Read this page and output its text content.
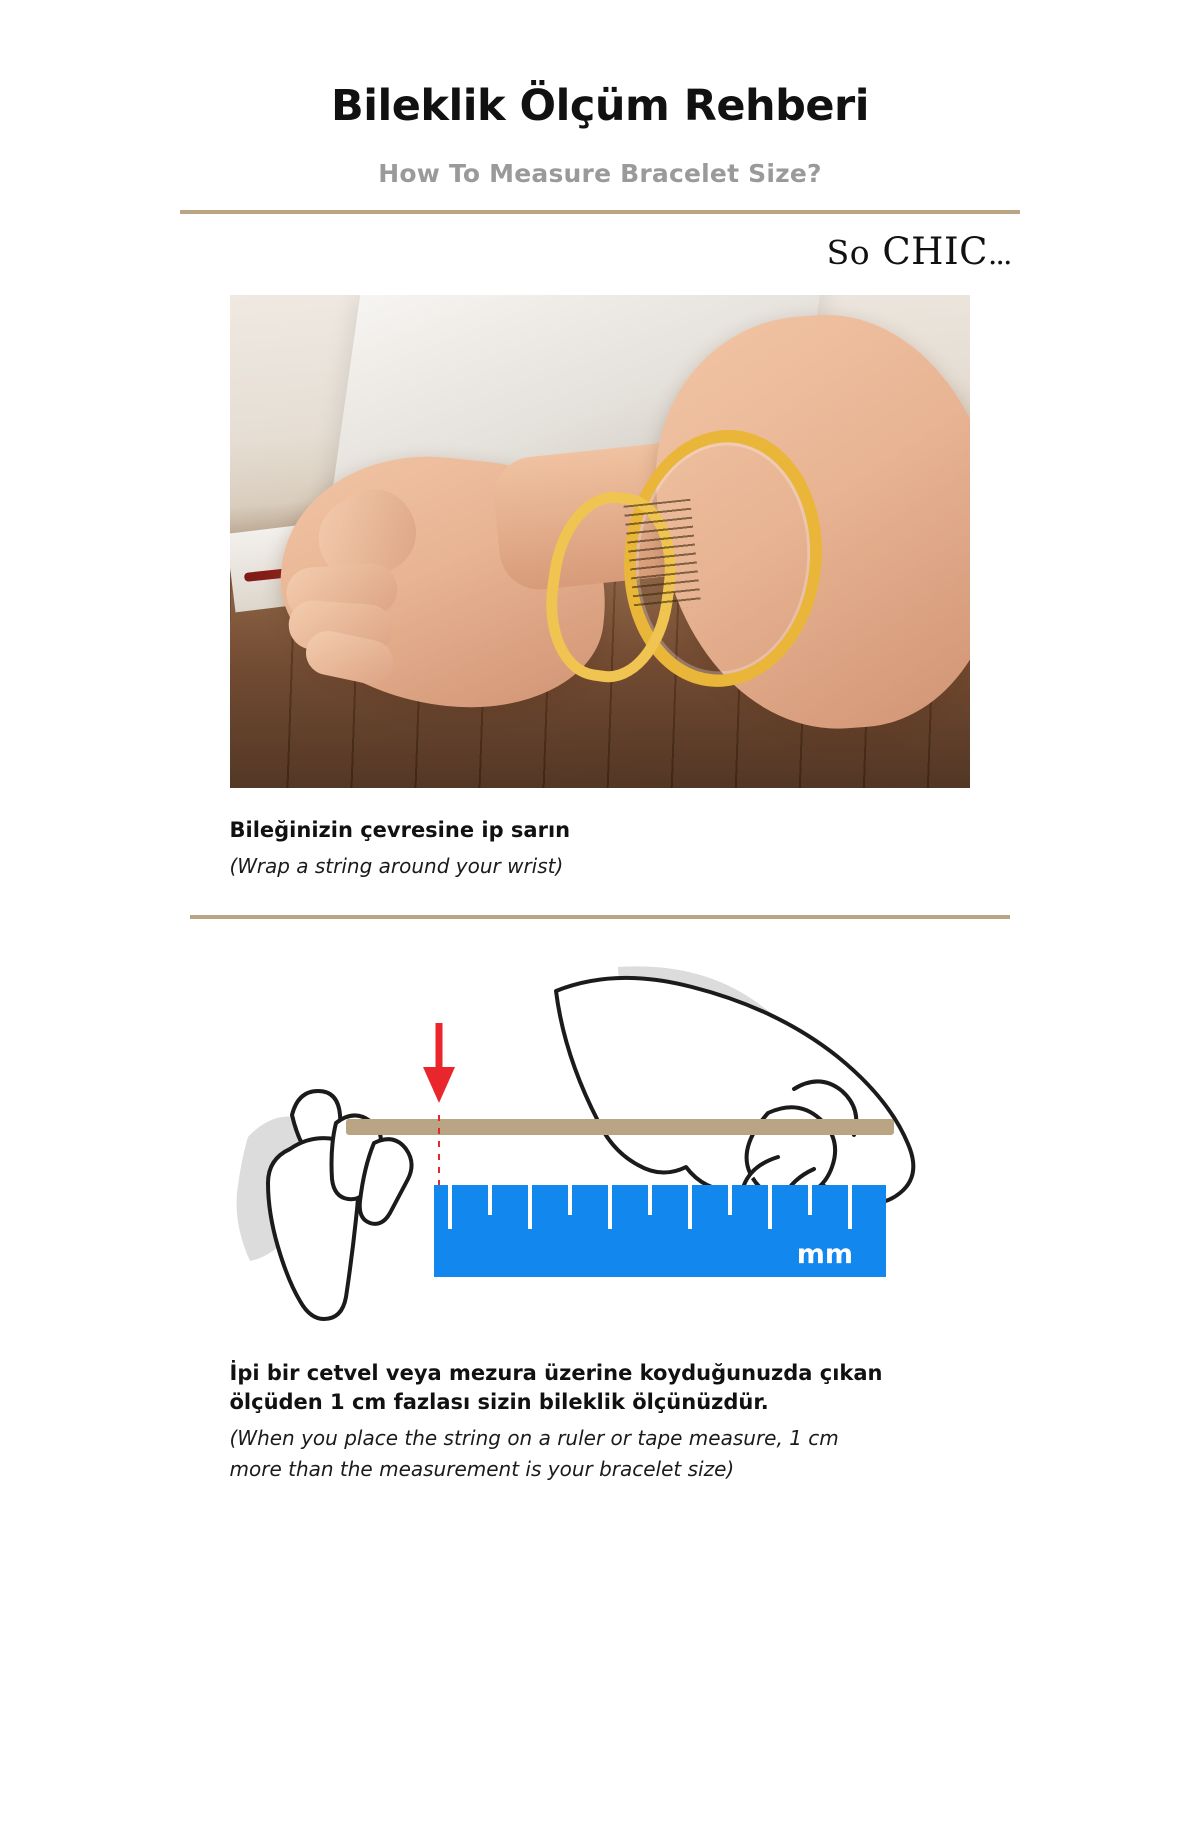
Bileklik Ölçüm Rehberi
How To Measure Bracelet Size?
So CHIC...
Bileğinizin çevresine ip sarın
(Wrap a string around your wrist)
mm
İpi bir cetvel veya mezura üzerine koyduğunuzda çıkan
ölçüden 1 cm fazlası sizin bileklik ölçünüzdür.
(When you place the string on a ruler or tape measure, 1 cm
more than the measurement is your bracelet size)
